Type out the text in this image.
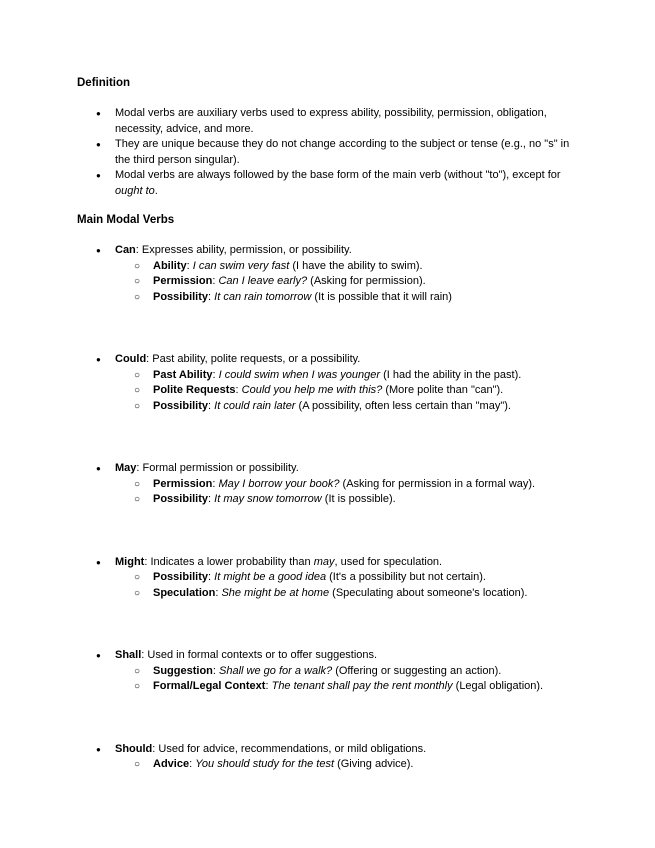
Definition
● Modal verbs are auxiliary verbs used to express ability, possibility, permission, obligation, necessity, advice, and more.
● They are unique because they do not change according to the subject or tense (e.g., no "s" in the third person singular).
● Modal verbs are always followed by the base form of the main verb (without "to"), except for ought to.
Main Modal Verbs
● Can: Expresses ability, permission, or possibility.
○ Ability: I can swim very fast (I have the ability to swim).
○ Permission: Can I leave early? (Asking for permission).
○ Possibility: It can rain tomorrow (It is possible that it will rain)
● Could: Past ability, polite requests, or a possibility.
○ Past Ability: I could swim when I was younger (I had the ability in the past).
○ Polite Requests: Could you help me with this? (More polite than "can").
○ Possibility: It could rain later (A possibility, often less certain than "may").
● May: Formal permission or possibility.
○ Permission: May I borrow your book? (Asking for permission in a formal way).
○ Possibility: It may snow tomorrow (It is possible).
● Might: Indicates a lower probability than may, used for speculation.
○ Possibility: It might be a good idea (It's a possibility but not certain).
○ Speculation: She might be at home (Speculating about someone's location).
● Shall: Used in formal contexts or to offer suggestions.
○ Suggestion: Shall we go for a walk? (Offering or suggesting an action).
○ Formal/Legal Context: The tenant shall pay the rent monthly (Legal obligation).
● Should: Used for advice, recommendations, or mild obligations.
○ Advice: You should study for the test (Giving advice).
